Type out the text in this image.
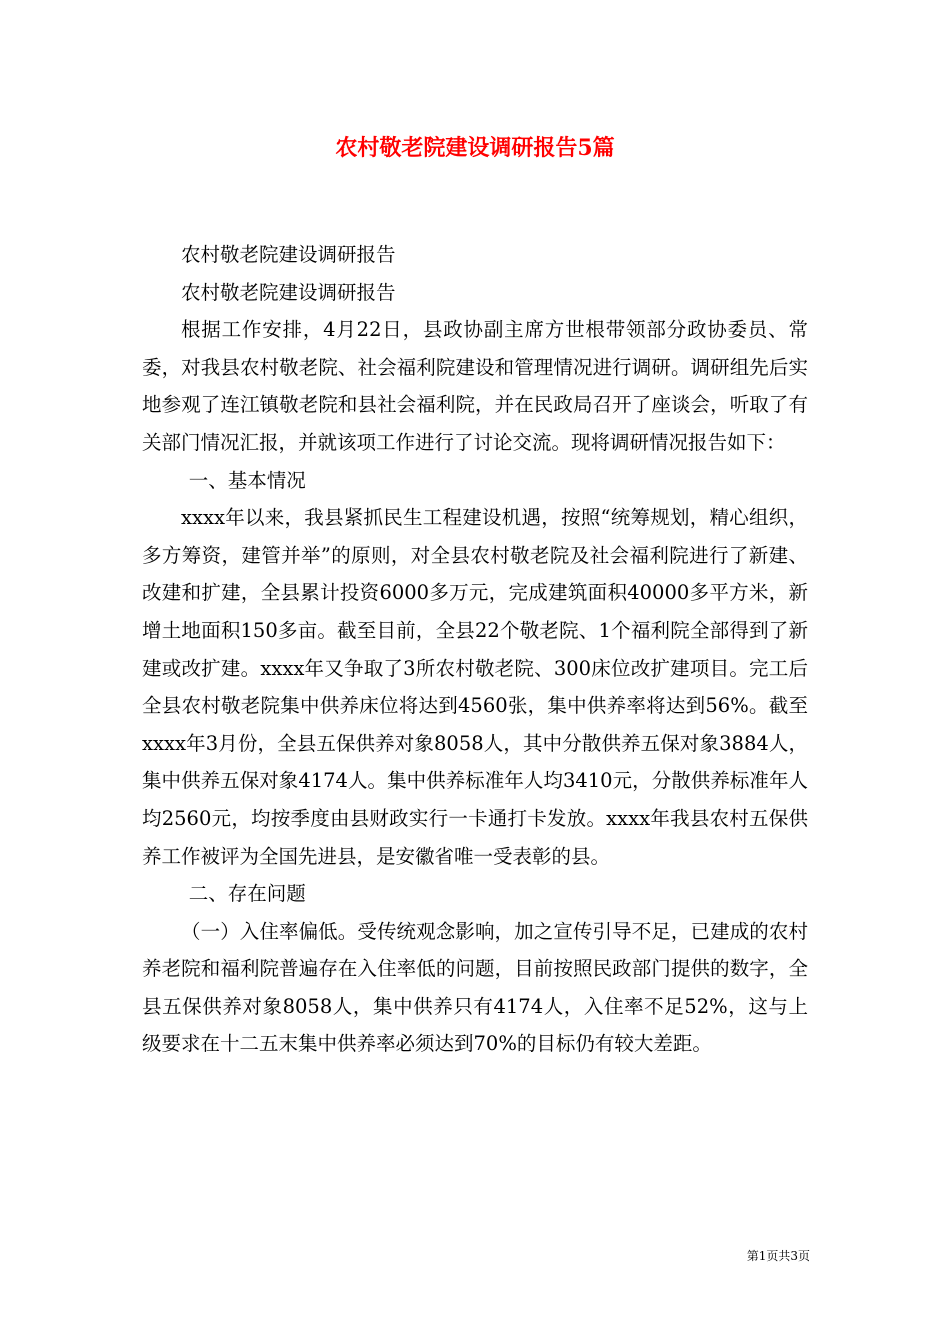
农村敬老院建设调研报告5篇

农村敬老院建设调研报告

农村敬老院建设调研报告

根据工作安排，4月22日，县政协副主席方世根带领部分政协委员、常委，对我县农村敬老院、社会福利院建设和管理情况进行调研。调研组先后实地参观了连江镇敬老院和县社会福利院，并在民政局召开了座谈会，听取了有关部门情况汇报，并就该项工作进行了讨论交流。现将调研情况报告如下：

一、基本情况

xxxx年以来，我县紧抓民生工程建设机遇，按照“统筹规划，精心组织，多方筹资，建管并举”的原则，对全县农村敬老院及社会福利院进行了新建、改建和扩建，全县累计投资6000多万元，完成建筑面积40000多平方米，新增土地面积150多亩。截至目前，全县22个敬老院、1个福利院全部得到了新建或改扩建。xxxx年又争取了3所农村敬老院、300床位改扩建项目。完工后全县农村敬老院集中供养床位将达到4560张，集中供养率将达到56%。截至xxxx年3月份，全县五保供养对象8058人，其中分散供养五保对象3884人，集中供养五保对象4174人。集中供养标准年人均3410元，分散供养标准年人均2560元，均按季度由县财政实行一卡通打卡发放。xxxx年我县农村五保供养工作被评为全国先进县，是安徽省唯一受表彰的县。

二、存在问题

（一）入住率偏低。受传统观念影响，加之宣传引导不足，已建成的农村养老院和福利院普遍存在入住率低的问题，目前按照民政部门提供的数字，全县五保供养对象8058人，集中供养只有4174人，入住率不足52%，这与上级要求在十二五末集中供养率必须达到70%的目标仍有较大差距。

第1页共3页
